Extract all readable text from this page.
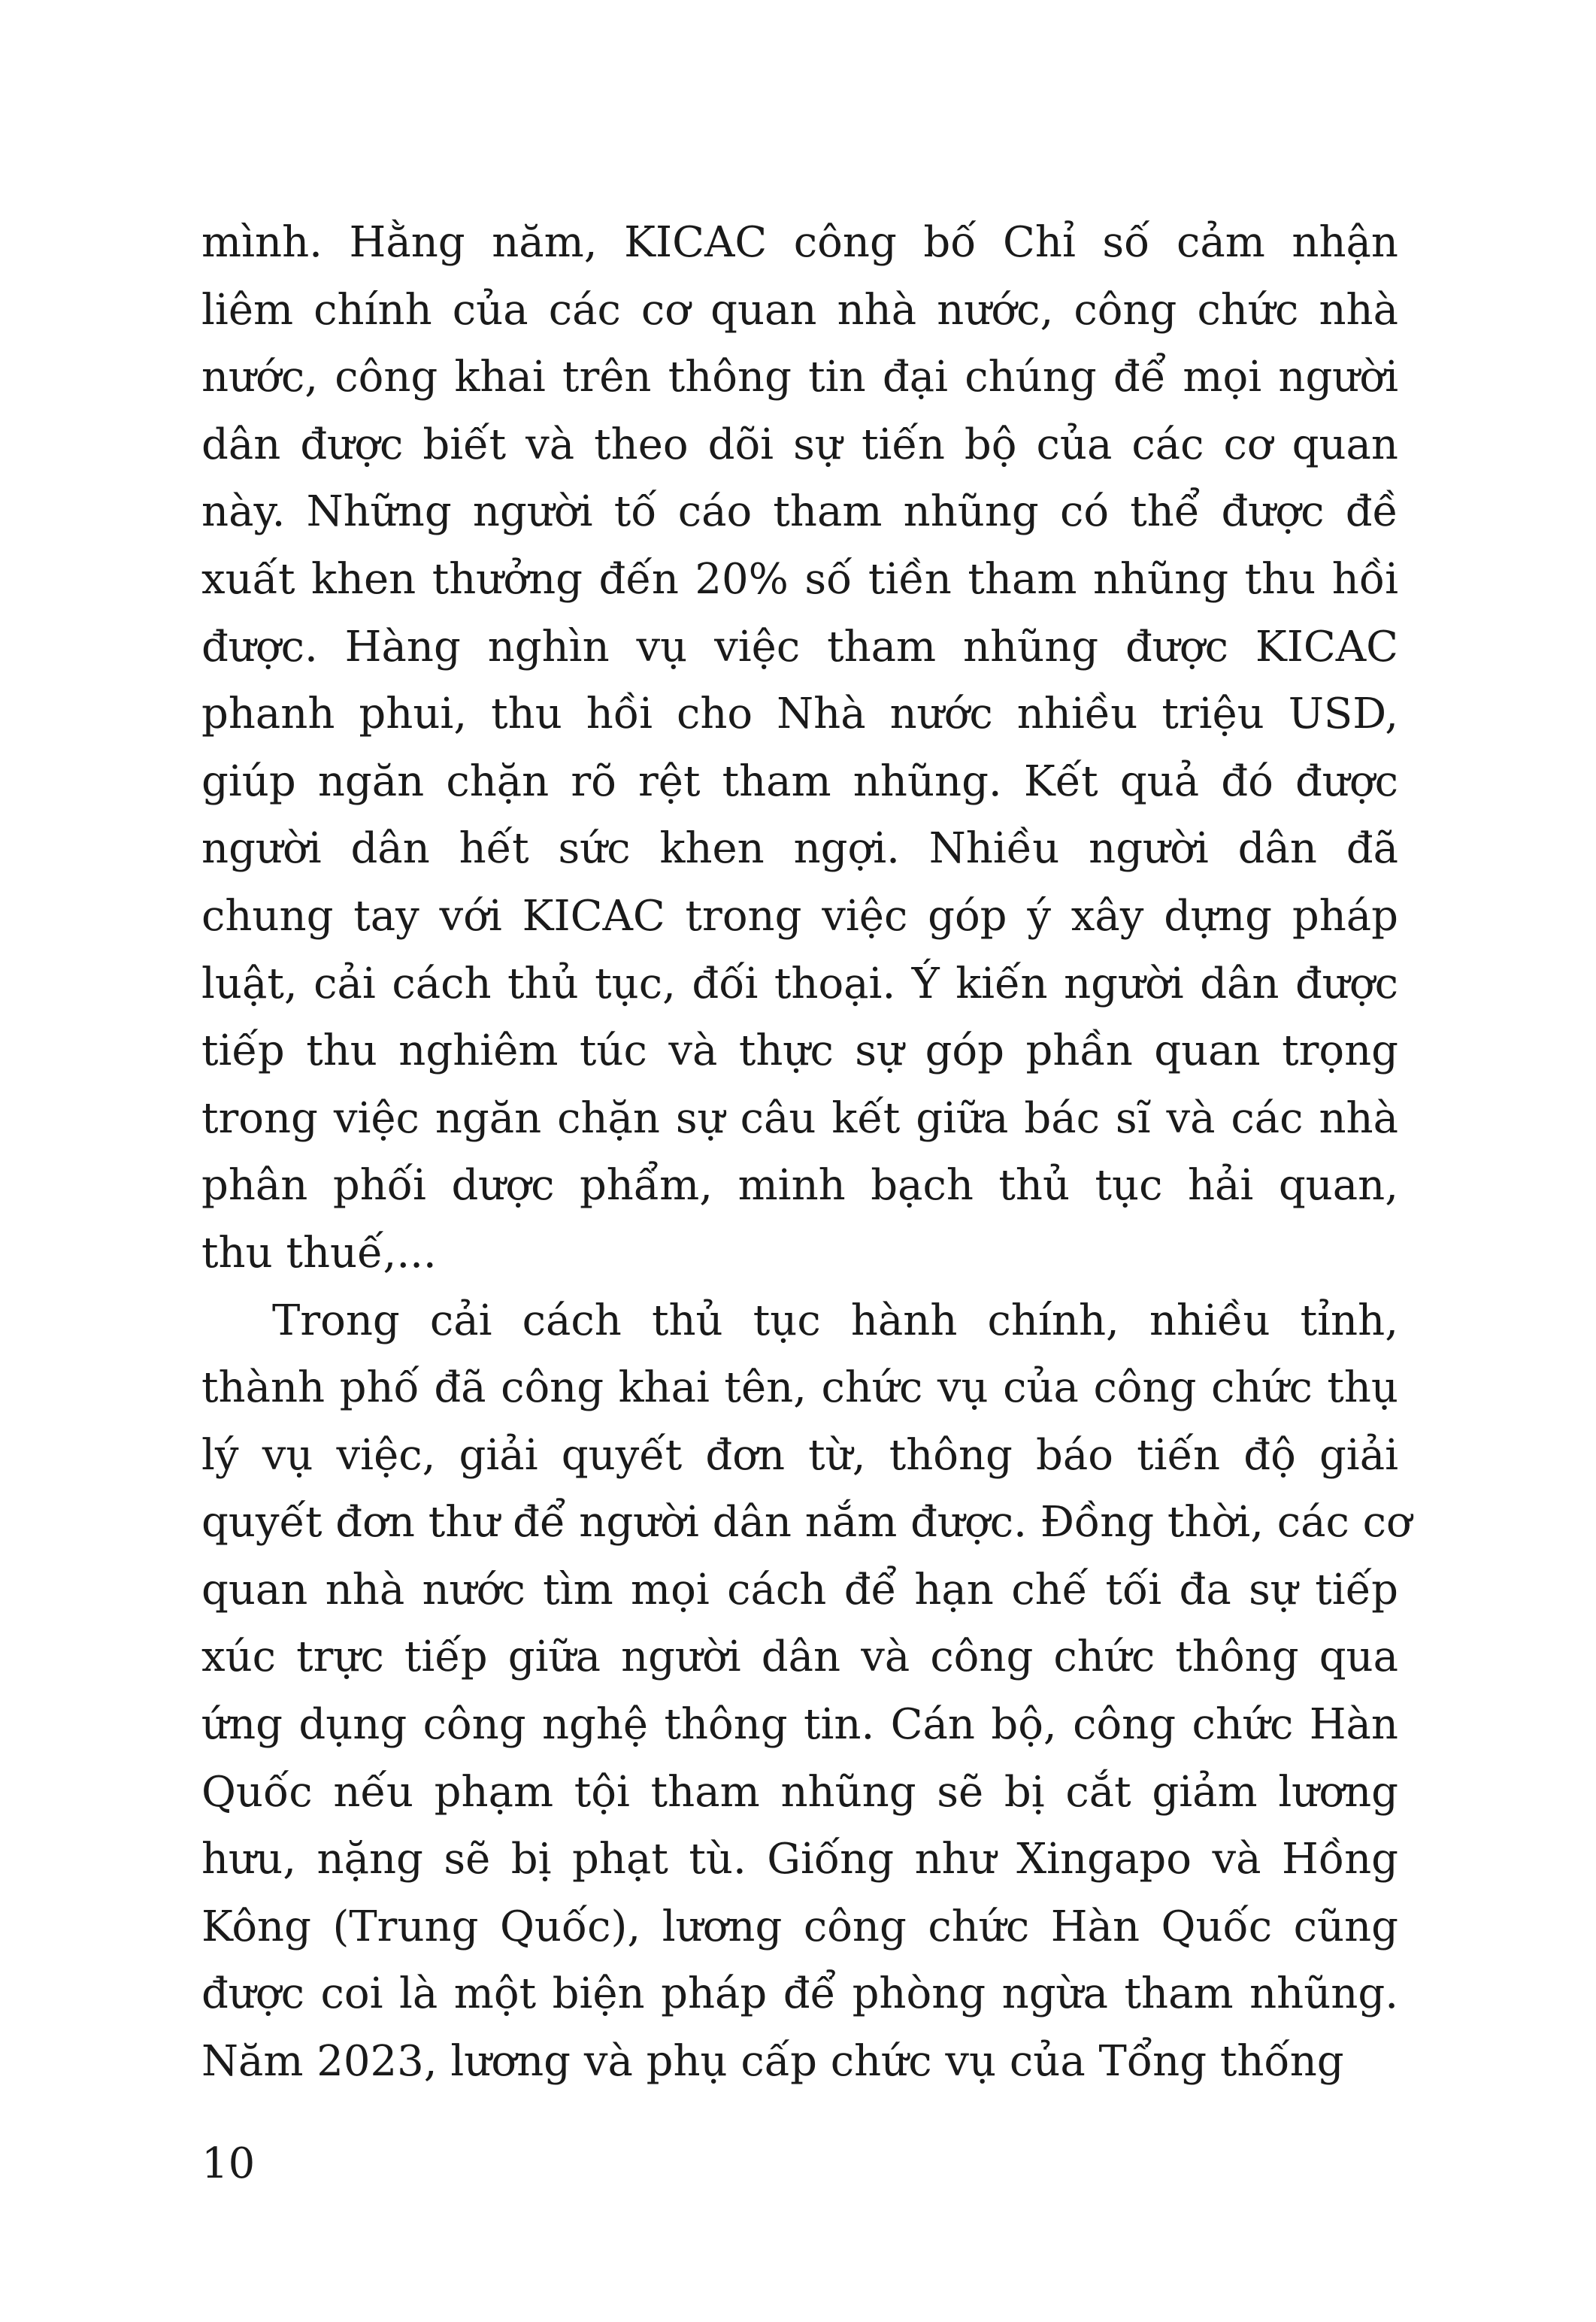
mình. Hằng năm, KICAC công bố Chỉ số cảm nhận
liêm chính của các cơ quan nhà nước, công chức nhà
nước, công khai trên thông tin đại chúng để mọi người
dân được biết và theo dõi sự tiến bộ của các cơ quan
này. Những người tố cáo tham nhũng có thể được đề
xuất khen thưởng đến 20% số tiền tham nhũng thu hồi
được. Hàng nghìn vụ việc tham nhũng được KICAC
phanh phui, thu hồi cho Nhà nước nhiều triệu USD,
giúp ngăn chặn rõ rệt tham nhũng. Kết quả đó được
người dân hết sức khen ngợi. Nhiều người dân đã
chung tay với KICAC trong việc góp ý xây dựng pháp
luật, cải cách thủ tục, đối thoại. Ý kiến người dân được
tiếp thu nghiêm túc và thực sự góp phần quan trọng
trong việc ngăn chặn sự câu kết giữa bác sĩ và các nhà
phân phối dược phẩm, minh bạch thủ tục hải quan,
thu thuế,...
Trong cải cách thủ tục hành chính, nhiều tỉnh,
thành phố đã công khai tên, chức vụ của công chức thụ
lý vụ việc, giải quyết đơn từ, thông báo tiến độ giải
quyết đơn thư để người dân nắm được. Đồng thời, các cơ
quan nhà nước tìm mọi cách để hạn chế tối đa sự tiếp
xúc trực tiếp giữa người dân và công chức thông qua
ứng dụng công nghệ thông tin. Cán bộ, công chức Hàn
Quốc nếu phạm tội tham nhũng sẽ bị cắt giảm lương
hưu, nặng sẽ bị phạt tù. Giống như Xingapo và Hồng
Kông (Trung Quốc), lương công chức Hàn Quốc cũng
được coi là một biện pháp để phòng ngừa tham nhũng.
Năm 2023, lương và phụ cấp chức vụ của Tổng thống
10
